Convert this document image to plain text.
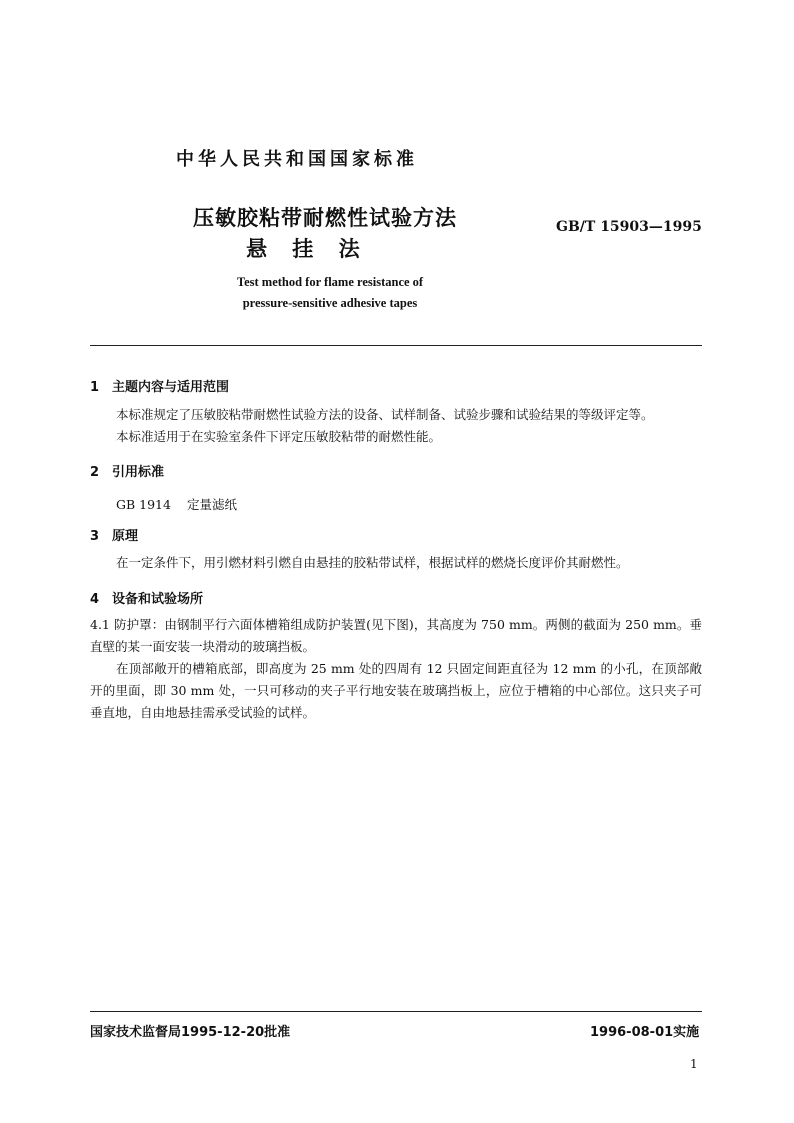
中华人民共和国国家标准
压敏胶粘带耐燃性试验方法
悬 挂 法
GB/T 15903—1995
Test method for flame resistance of
pressure-sensitive adhesive tapes
1 主题内容与适用范围
本标准规定了压敏胶粘带耐燃性试验方法的设备、试样制备、试验步骤和试验结果的等级评定等。
本标准适用于在实验室条件下评定压敏胶粘带的耐燃性能。
2 引用标准
GB 1914 定量滤纸
3 原理
在一定条件下，用引燃材料引燃自由悬挂的胶粘带试样，根据试样的燃烧长度评价其耐燃性。
4 设备和试验场所
4.1 防护罩：由钢制平行六面体槽箱组成防护装置(见下图)，其高度为 750 mm。两侧的截面为 250 mm。垂直壁的某一面安装一块滑动的玻璃挡板。
在顶部敞开的槽箱底部，即高度为 25 mm 处的四周有 12 只固定间距直径为 12 mm 的小孔，在顶部敞开的里面，即 30 mm 处，一只可移动的夹子平行地安装在玻璃挡板上，应位于槽箱的中心部位。这只夹子可垂直地，自由地悬挂需承受试验的试样。
国家技术监督局1995-12-20批准	1996-08-01实施
1
